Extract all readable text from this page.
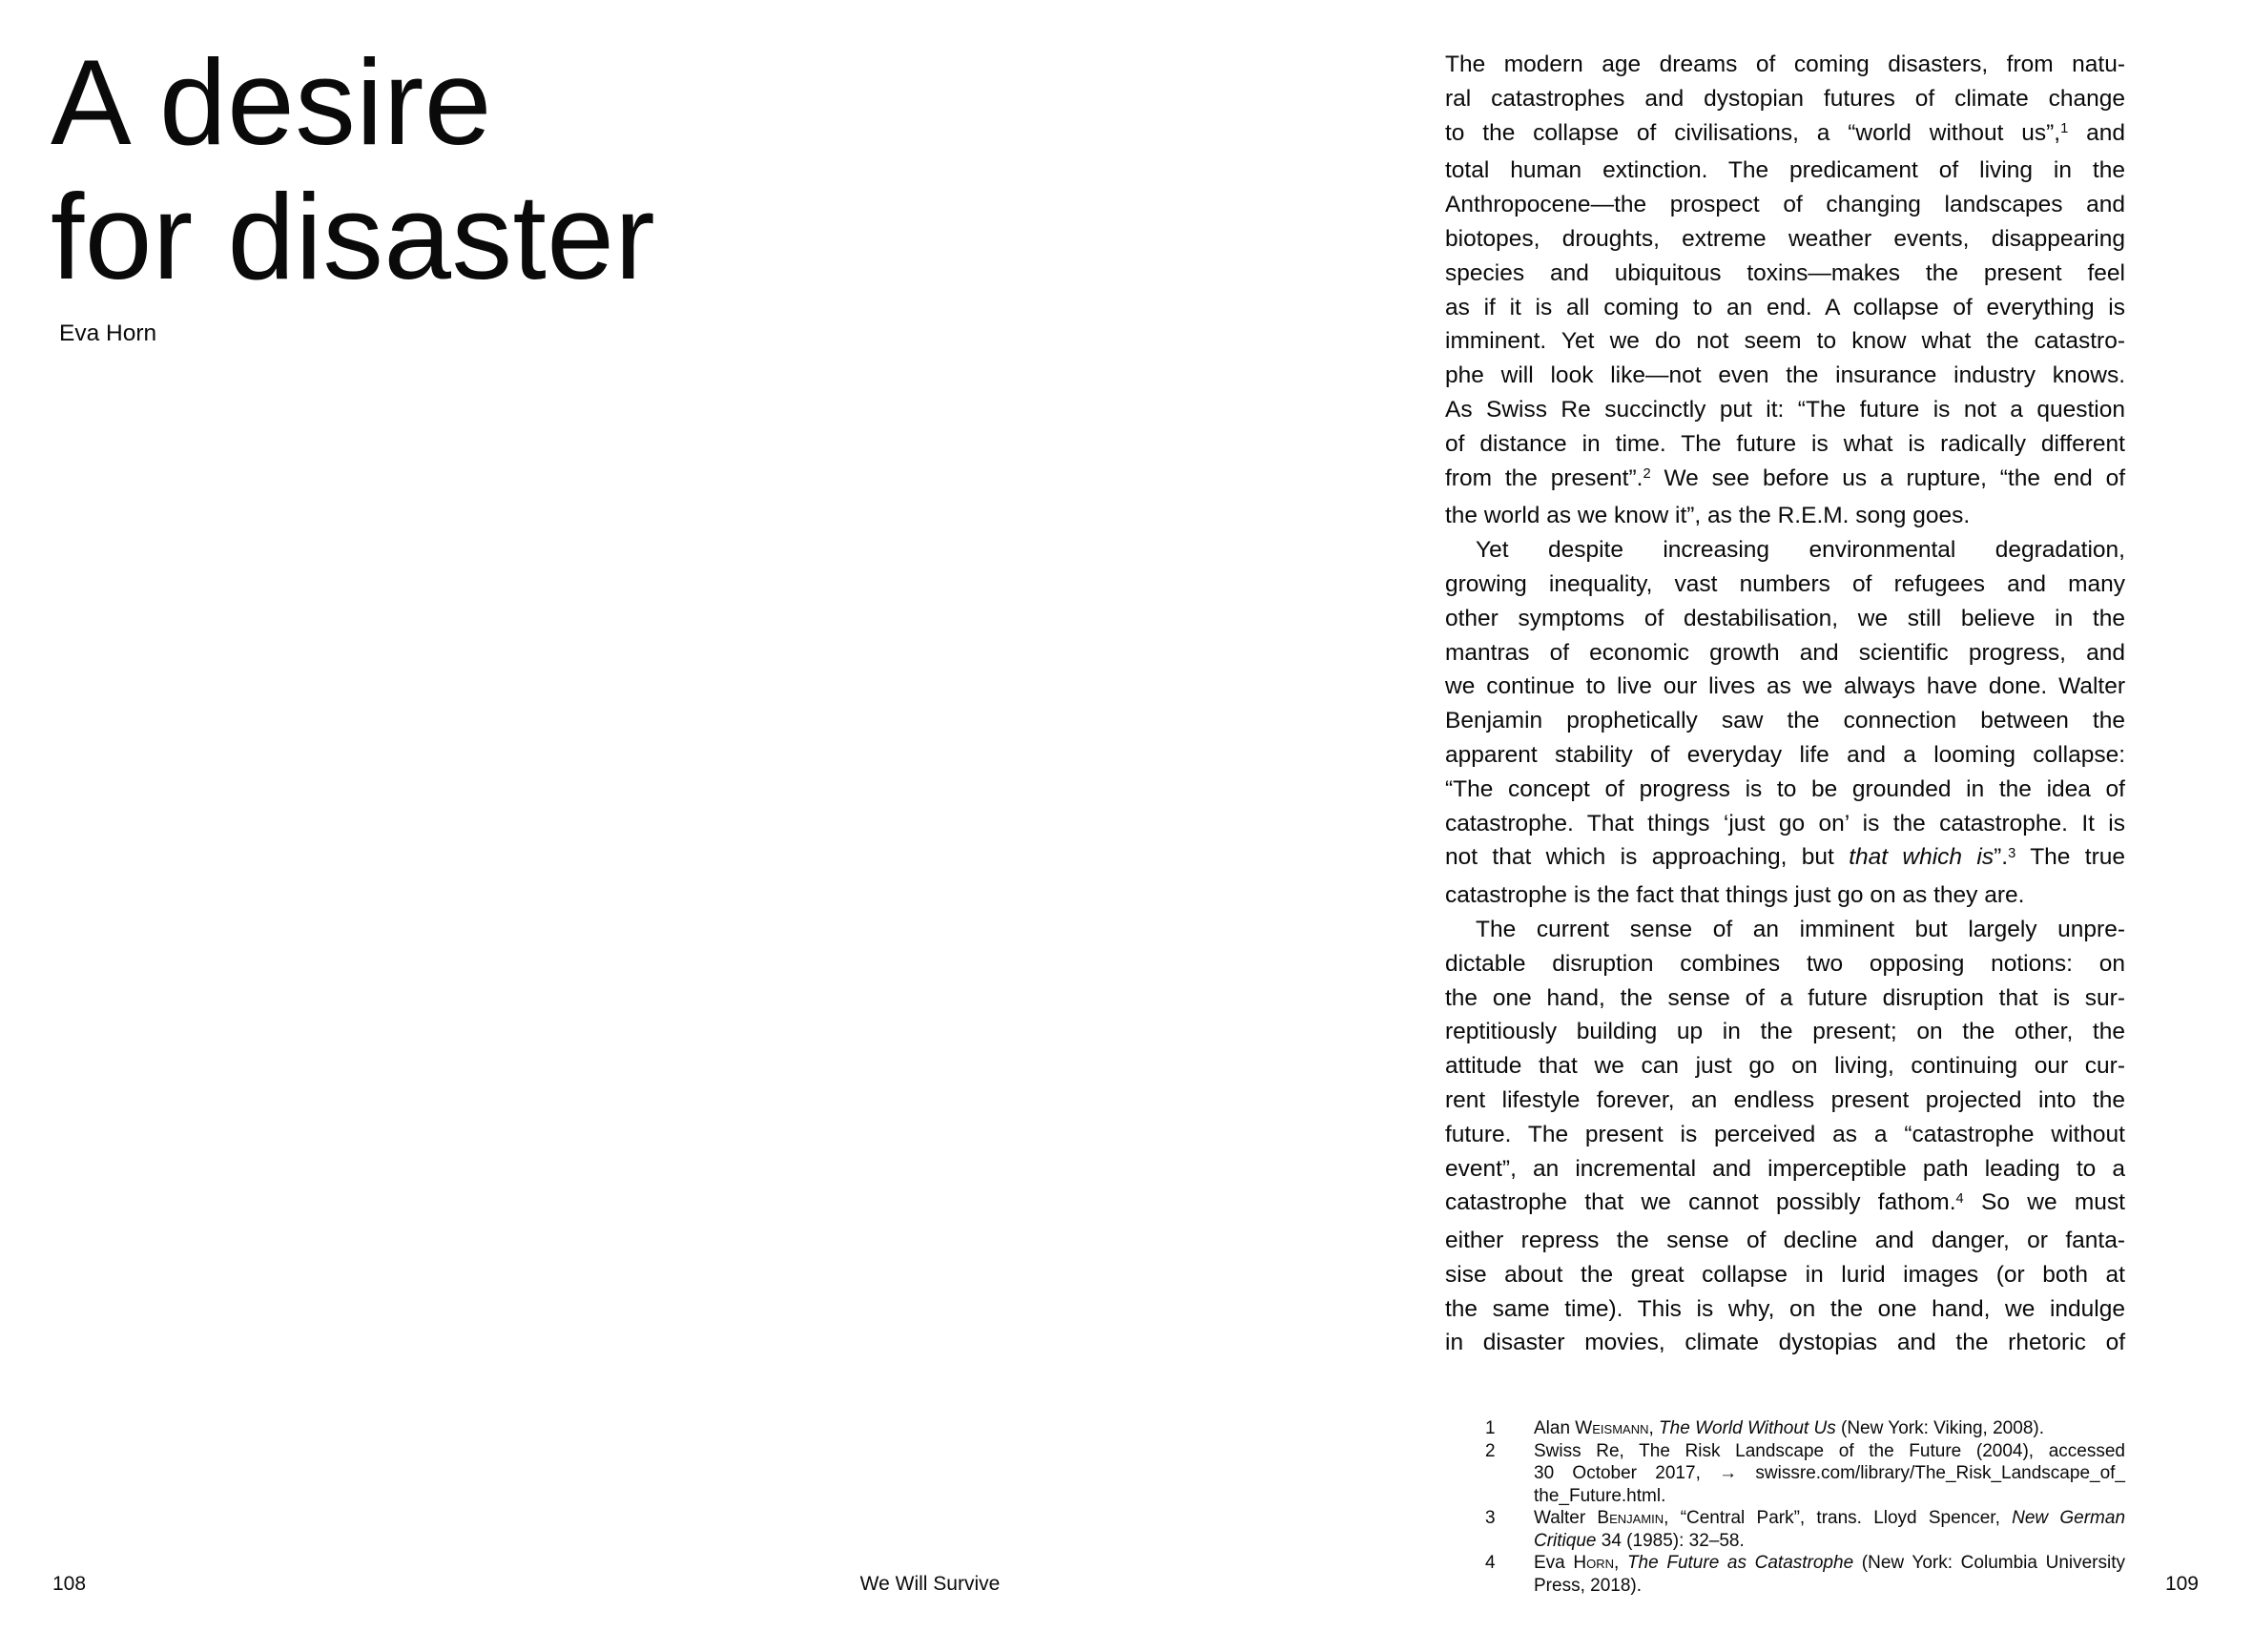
A desire
for disaster
Eva Horn
The modern age dreams of coming disasters, from natu-
ral catastrophes and dystopian futures of climate change
to the collapse of civilisations, a “world without us”,$^1$ and
total human extinction. The predicament of living in the
Anthropocene—the prospect of changing landscapes and
biotopes, droughts, extreme weather events, disappearing
species and ubiquitous toxins—makes the present feel
as if it is all coming to an end. A collapse of everything is
imminent. Yet we do not seem to know what the catastro-
phe will look like—not even the insurance industry knows.
As Swiss Re succinctly put it: “The future is not a question
of distance in time. The future is what is radically different
from the present”.$^2$ We see before us a rupture, “the end of
the world as we know it”, as the R.E.M. song goes.
Yet despite increasing environmental degradation,
growing inequality, vast numbers of refugees and many
other symptoms of destabilisation, we still believe in the
mantras of economic growth and scientific progress, and
we continue to live our lives as we always have done. Walter
Benjamin prophetically saw the connection between the
apparent stability of everyday life and a looming collapse:
“The concept of progress is to be grounded in the idea of
catastrophe. That things ‘just go on’ is the catastrophe. It is
not that which is approaching, but that which is”.$^3$ The true
catastrophe is the fact that things just go on as they are.
The current sense of an imminent but largely unpre-
dictable disruption combines two opposing notions: on
the one hand, the sense of a future disruption that is sur-
reptitiously building up in the present; on the other, the
attitude that we can just go on living, continuing our cur-
rent lifestyle forever, an endless present projected into the
future. The present is perceived as a “catastrophe without
event”, an incremental and imperceptible path leading to a
catastrophe that we cannot possibly fathom.$^4$ So we must
either repress the sense of decline and danger, or fanta-
sise about the great collapse in lurid images (or both at
the same time). This is why, on the one hand, we indulge
in disaster movies, climate dystopias and the rhetoric of
1	Alan Weismann, The World Without Us (New York: Viking, 2008).
2	Swiss Re, The Risk Landscape of the Future (2004), accessed
30 October 2017, → swissre.com/library/The_Risk_Landscape_of_
the_Future.html.
3	Walter Benjamin, “Central Park”, trans. Lloyd Spencer, New German
Critique 34 (1985): 32–58.
4	Eva Horn, The Future as Catastrophe (New York: Columbia University
Press, 2018).
108	We Will Survive	109
